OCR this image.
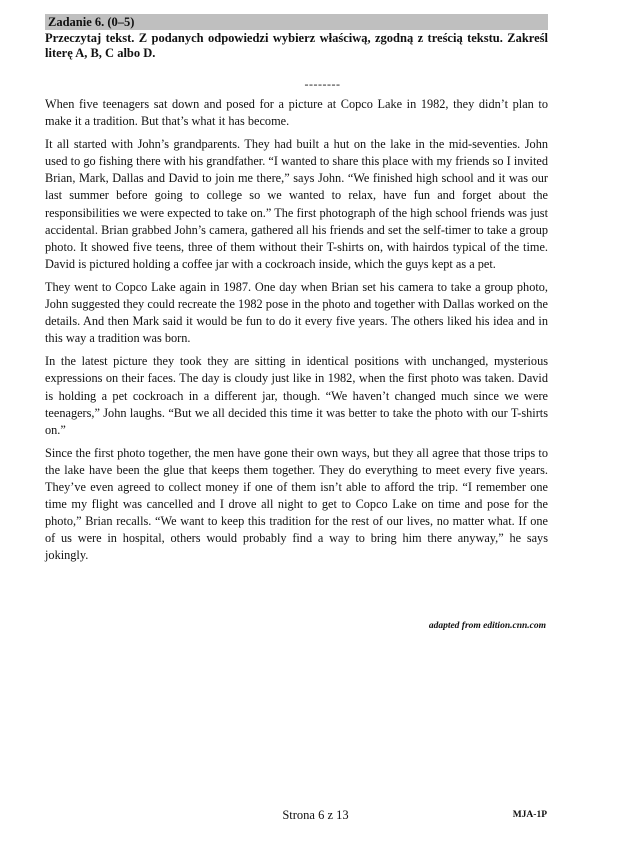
Zadanie 6. (0–5)
Przeczytaj tekst. Z podanych odpowiedzi wybierz właściwą, zgodną z treścią tekstu. Zakreśl literę A, B, C albo D.
--------

When five teenagers sat down and posed for a picture at Copco Lake in 1982, they didn’t plan to make it a tradition. But that’s what it has become.

It all started with John’s grandparents. They had built a hut on the lake in the mid-seventies. John used to go fishing there with his grandfather. “I wanted to share this place with my friends so I invited Brian, Mark, Dallas and David to join me there,” says John. “We finished high school and it was our last summer before going to college so we wanted to relax, have fun and forget about the responsibilities we were expected to take on.” The first photograph of the high school friends was just accidental. Brian grabbed John’s camera, gathered all his friends and set the self-timer to take a group photo. It showed five teens, three of them without their T-shirts on, with hairdos typical of the time. David is pictured holding a coffee jar with a cockroach inside, which the guys kept as a pet.

They went to Copco Lake again in 1987. One day when Brian set his camera to take a group photo, John suggested they could recreate the 1982 pose in the photo and together with Dallas worked on the details. And then Mark said it would be fun to do it every five years. The others liked his idea and in this way a tradition was born.

In the latest picture they took they are sitting in identical positions with unchanged, mysterious expressions on their faces. The day is cloudy just like in 1982, when the first photo was taken. David is holding a pet cockroach in a different jar, though. “We haven’t changed much since we were teenagers,” John laughs. “But we all decided this time it was better to take the photo with our T-shirts on.”

Since the first photo together, the men have gone their own ways, but they all agree that those trips to the lake have been the glue that keeps them together. They do everything to meet every five years. They’ve even agreed to collect money if one of them isn’t able to afford the trip. “I remember one time my flight was cancelled and I drove all night to get to Copco Lake on time and pose for the photo,” Brian recalls. “We want to keep this tradition for the rest of our lives, no matter what. If one of us were in hospital, others would probably find a way to bring him there anyway,” he says jokingly.

adapted from edition.cnn.com
Strona 6 z 13	MJA-1P
